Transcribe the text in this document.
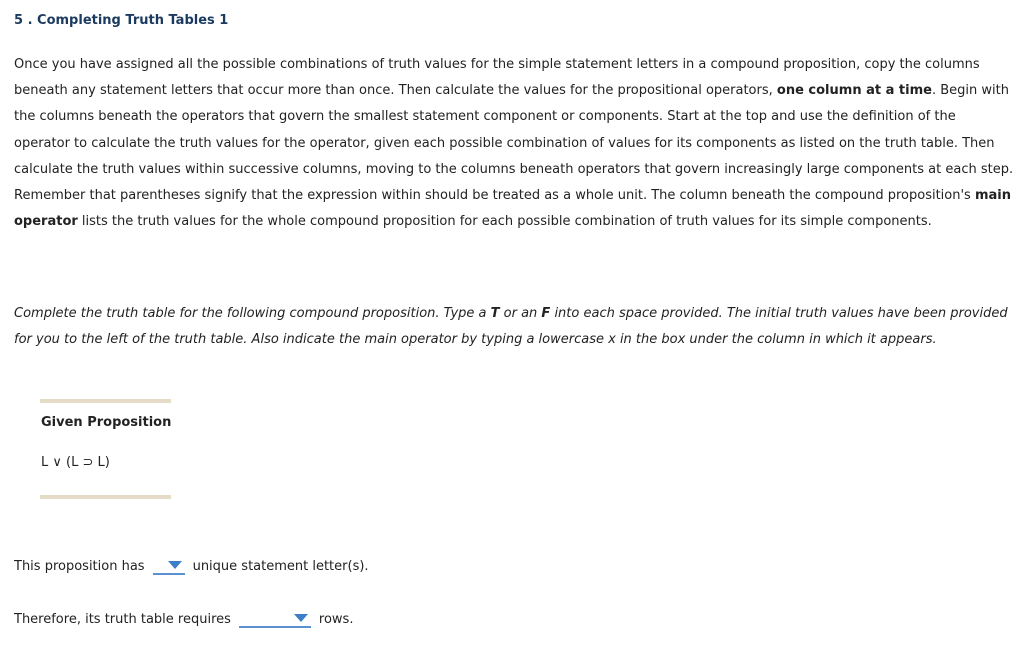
5 . Completing Truth Tables 1

Once you have assigned all the possible combinations of truth values for the simple statement letters in a compound proposition, copy the columns beneath any statement letters that occur more than once. Then calculate the values for the propositional operators, one column at a time. Begin with the columns beneath the operators that govern the smallest statement component or components. Start at the top and use the definition of the operator to calculate the truth values for the operator, given each possible combination of values for its components as listed on the truth table. Then calculate the truth values within successive columns, moving to the columns beneath operators that govern increasingly large components at each step. Remember that parentheses signify that the expression within should be treated as a whole unit. The column beneath the compound proposition's main operator lists the truth values for the whole compound proposition for each possible combination of truth values for its simple components.

Complete the truth table for the following compound proposition. Type a T or an F into each space provided. The initial truth values have been provided for you to the left of the truth table. Also indicate the main operator by typing a lowercase x in the box under the column in which it appears.

Given Proposition
L ∨ (L ⊃ L)
This proposition has	unique statement letter(s).
Therefore, its truth table requires	rows.
